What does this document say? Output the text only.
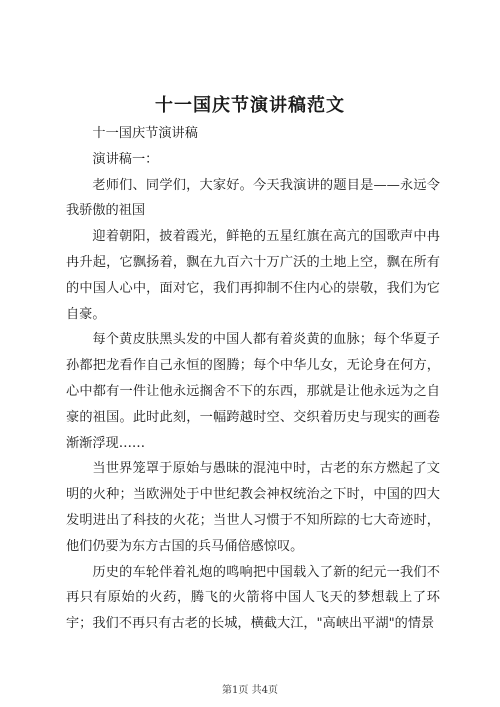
十一国庆节演讲稿范文

十一国庆节演讲稿

演讲稿一：

老师们、同学们，大家好。今天我演讲的题目是——永远令我骄傲的祖国

迎着朝阳，披着霞光，鲜艳的五星红旗在高亢的国歌声中冉冉升起，它飘扬着，飘在九百六十万广沃的土地上空，飘在所有的中国人心中，面对它，我们再抑制不住内心的崇敬，我们为它自豪。

每个黄皮肤黑头发的中国人都有着炎黄的血脉；每个华夏子孙都把龙看作自己永恒的图腾；每个中华儿女，无论身在何方，心中都有一件让他永远搁舍不下的东西，那就是让他永远为之自豪的祖国。此时此刻，一幅跨越时空、交织着历史与现实的画卷渐渐浮现……

当世界笼罩于原始与愚昧的混沌中时，古老的东方燃起了文明的火种；当欧洲处于中世纪教会神权统治之下时，中国的四大发明进出了科技的火花；当世人习惯于不知所踪的七大奇迹时，他们仍要为东方古国的兵马俑倍感惊叹。

历史的车轮伴着礼炮的鸣响把中国载入了新的纪元一我们不再只有原始的火药，腾飞的火箭将中国人飞天的梦想载上了环宇；我们不再只有古老的长城，横截大江，"高峡出平湖"的情景

第1页 共4页
